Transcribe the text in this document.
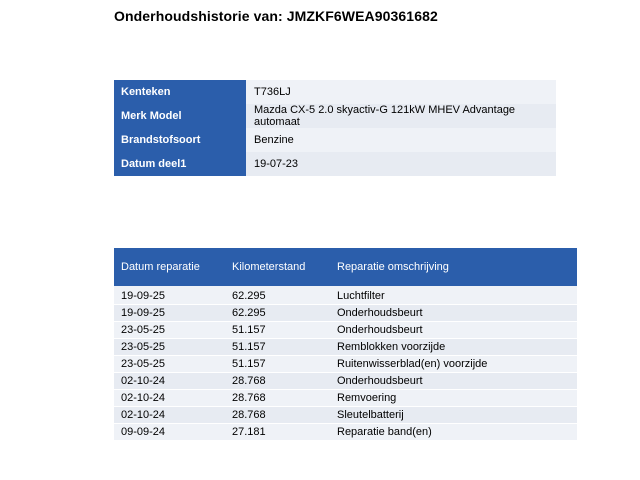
Onderhoudshistorie van: JMZKF6WEA90361682
Kenteken	T736LJ
Merk Model	Mazda CX-5 2.0 skyactiv-G 121kW MHEV Advantage automaat
Brandstofsoort	Benzine
Datum deel1	19-07-23
Datum reparatie	Kilometerstand	Reparatie omschrijving
19-09-25	62.295	Luchtfilter
19-09-25	62.295	Onderhoudsbeurt
23-05-25	51.157	Onderhoudsbeurt
23-05-25	51.157	Remblokken voorzijde
23-05-25	51.157	Ruitenwisserblad(en) voorzijde
02-10-24	28.768	Onderhoudsbeurt
02-10-24	28.768	Remvoering
02-10-24	28.768	Sleutelbatterij
09-09-24	27.181	Reparatie band(en)
